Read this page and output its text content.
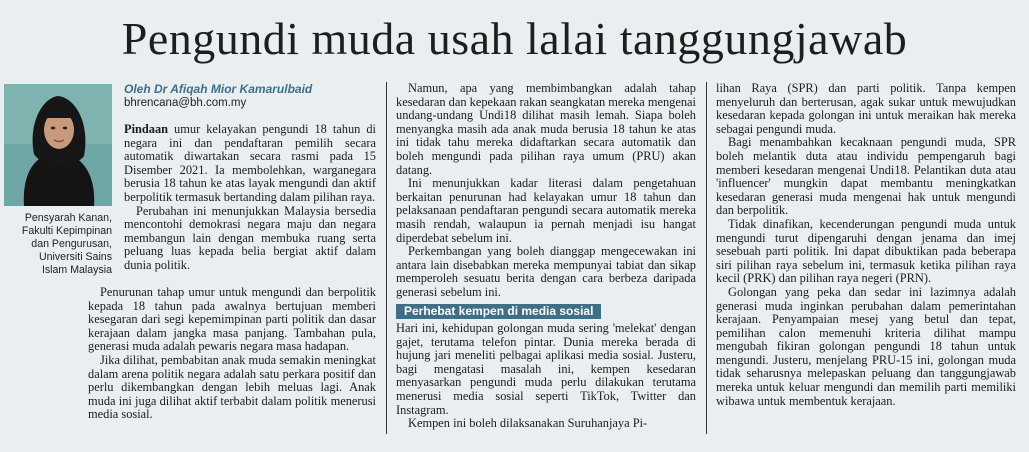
Pengundi muda usah lalai tanggungjawab
Pensyarah Kanan,
Fakulti Kepimpinan
dan Pengurusan,
Universiti Sains
Islam Malaysia
Oleh Dr Afiqah Mior Kamarulbaid
bhrencana@bh.com.my

Pindaan umur kelayakan pengundi 18 tahun di negara ini dan pendaftaran pemilih secara automatik diwartakan secara rasmi pada 15 Disember 2021. Ia membolehkan, warganegara berusia 18 tahun ke atas layak mengundi dan aktif berpolitik termasuk bertanding dalam pilihan raya.

Perubahan ini menunjukkan Malaysia bersedia mencontohi demokrasi negara maju dan negara membangun lain dengan membuka ruang serta peluang luas kepada belia bergiat aktif dalam dunia politik.

Penurunan tahap umur untuk mengundi dan berpolitik kepada 18 tahun pada awalnya bertujuan memberi kesegaran dari segi kepemimpinan parti politik dan dasar kerajaan dalam jangka masa panjang. Tambahan pula, generasi muda adalah pewaris negara masa hadapan.

Jika dilihat, pembabitan anak muda semakin meningkat dalam arena politik negara adalah satu perkara positif dan perlu dikembangkan dengan lebih meluas lagi. Anak muda ini juga dilihat aktif terbabit dalam politik menerusi media sosial.

Namun, apa yang membimbangkan adalah tahap kesedaran dan kepekaan rakan seangkatan mereka mengenai undang-undang Undi18 dilihat masih lemah. Siapa boleh menyangka masih ada anak muda berusia 18 tahun ke atas ini tidak tahu mereka didaftarkan secara automatik dan boleh mengundi pada pilihan raya umum (PRU) akan datang.

Ini menunjukkan kadar literasi dalam pengetahuan berkaitan penurunan had kelayakan umur 18 tahun dan pelaksanaan pendaftaran pengundi secara automatik mereka masih rendah, walaupun ia pernah menjadi isu hangat diperdebat sebelum ini.

Perkembangan yang boleh dianggap mengecewakan ini antara lain disebabkan mereka mempunyai tabiat dan sikap memperoleh sesuatu berita dengan cara berbeza daripada generasi sebelum ini.

Perhebat kempen di media sosial

Hari ini, kehidupan golongan muda sering 'melekat' dengan gajet, terutama telefon pintar. Dunia mereka berada di hujung jari meneliti pelbagai aplikasi media sosial. Justeru, bagi mengatasi masalah ini, kempen kesedaran menyasarkan pengundi muda perlu dilakukan terutama menerusi media sosial seperti TikTok, Twitter dan Instagram.

Kempen ini boleh dilaksanakan Suruhanjaya Pi-

lihan Raya (SPR) dan parti politik. Tanpa kempen menyeluruh dan berterusan, agak sukar untuk mewujudkan kesedaran kepada golongan ini untuk meraikan hak mereka sebagai pengundi muda.

Bagi menambahkan kecaknaan pengundi muda, SPR boleh melantik duta atau individu pempengaruh bagi memberi kesedaran mengenai Undi18. Pelantikan duta atau 'influencer' mungkin dapat membantu meningkatkan kesedaran generasi muda mengenai hak untuk mengundi dan berpolitik.

Tidak dinafikan, kecenderungan pengundi muda untuk mengundi turut dipengaruhi dengan jenama dan imej sesebuah parti politik. Ini dapat dibuktikan pada beberapa siri pilihan raya sebelum ini, termasuk ketika pilihan raya kecil (PRK) dan pilihan raya negeri (PRN).

Golongan yang peka dan sedar ini lazimnya adalah generasi muda inginkan perubahan dalam pemerintahan kerajaan. Penyampaian mesej yang betul dan tepat, pemilihan calon memenuhi kriteria dilihat mampu mengubah fikiran golongan pengundi 18 tahun untuk mengundi. Justeru, menjelang PRU-15 ini, golongan muda tidak seharusnya melepaskan peluang dan tanggungjawab mereka untuk keluar mengundi dan memilih parti memiliki wibawa untuk membentuk kerajaan.
